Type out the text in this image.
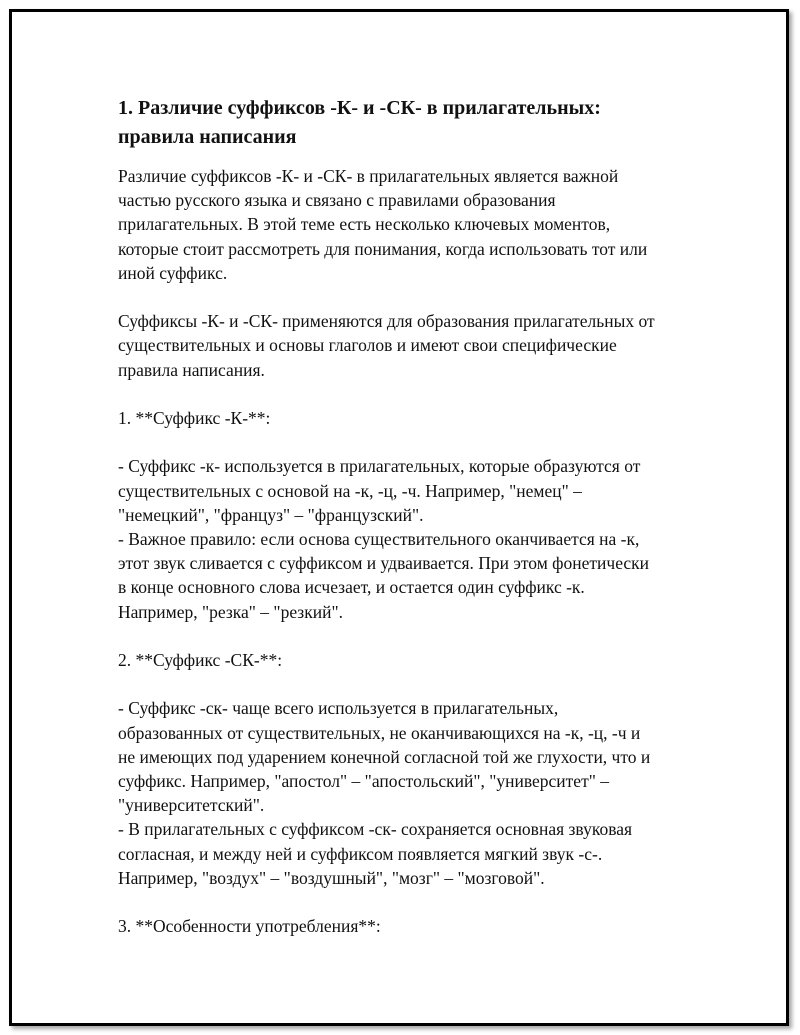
1. Различие суффиксов -К- и -СК- в прилагательных:
правила написания
Различие суффиксов -К- и -СК- в прилагательных является важной
частью русского языка и связано с правилами образования
прилагательных. В этой теме есть несколько ключевых моментов,
которые стоит рассмотреть для понимания, когда использовать тот или
иной суффикс.
Суффиксы -К- и -СК- применяются для образования прилагательных от
существительных и основы глаголов и имеют свои специфические
правила написания.
1. **Суффикс -К-**:
- Суффикс -к- используется в прилагательных, которые образуются от
существительных с основой на -к, -ц, -ч. Например, "немец" –
"немецкий", "француз" – "французский".
- Важное правило: если основа существительного оканчивается на -к,
этот звук сливается с суффиксом и удваивается. При этом фонетически
в конце основного слова исчезает, и остается один суффикс -к.
Например, "резка" – "резкий".
2. **Суффикс -СК-**:
- Суффикс -ск- чаще всего используется в прилагательных,
образованных от существительных, не оканчивающихся на -к, -ц, -ч и
не имеющих под ударением конечной согласной той же глухости, что и
суффикс. Например, "апостол" – "апостольский", "университет" –
"университетский".
- В прилагательных с суффиксом -ск- сохраняется основная звуковая
согласная, и между ней и суффиксом появляется мягкий звук -с-.
Например, "воздух" – "воздушный", "мозг" – "мозговой".
3. **Особенности употребления**:
